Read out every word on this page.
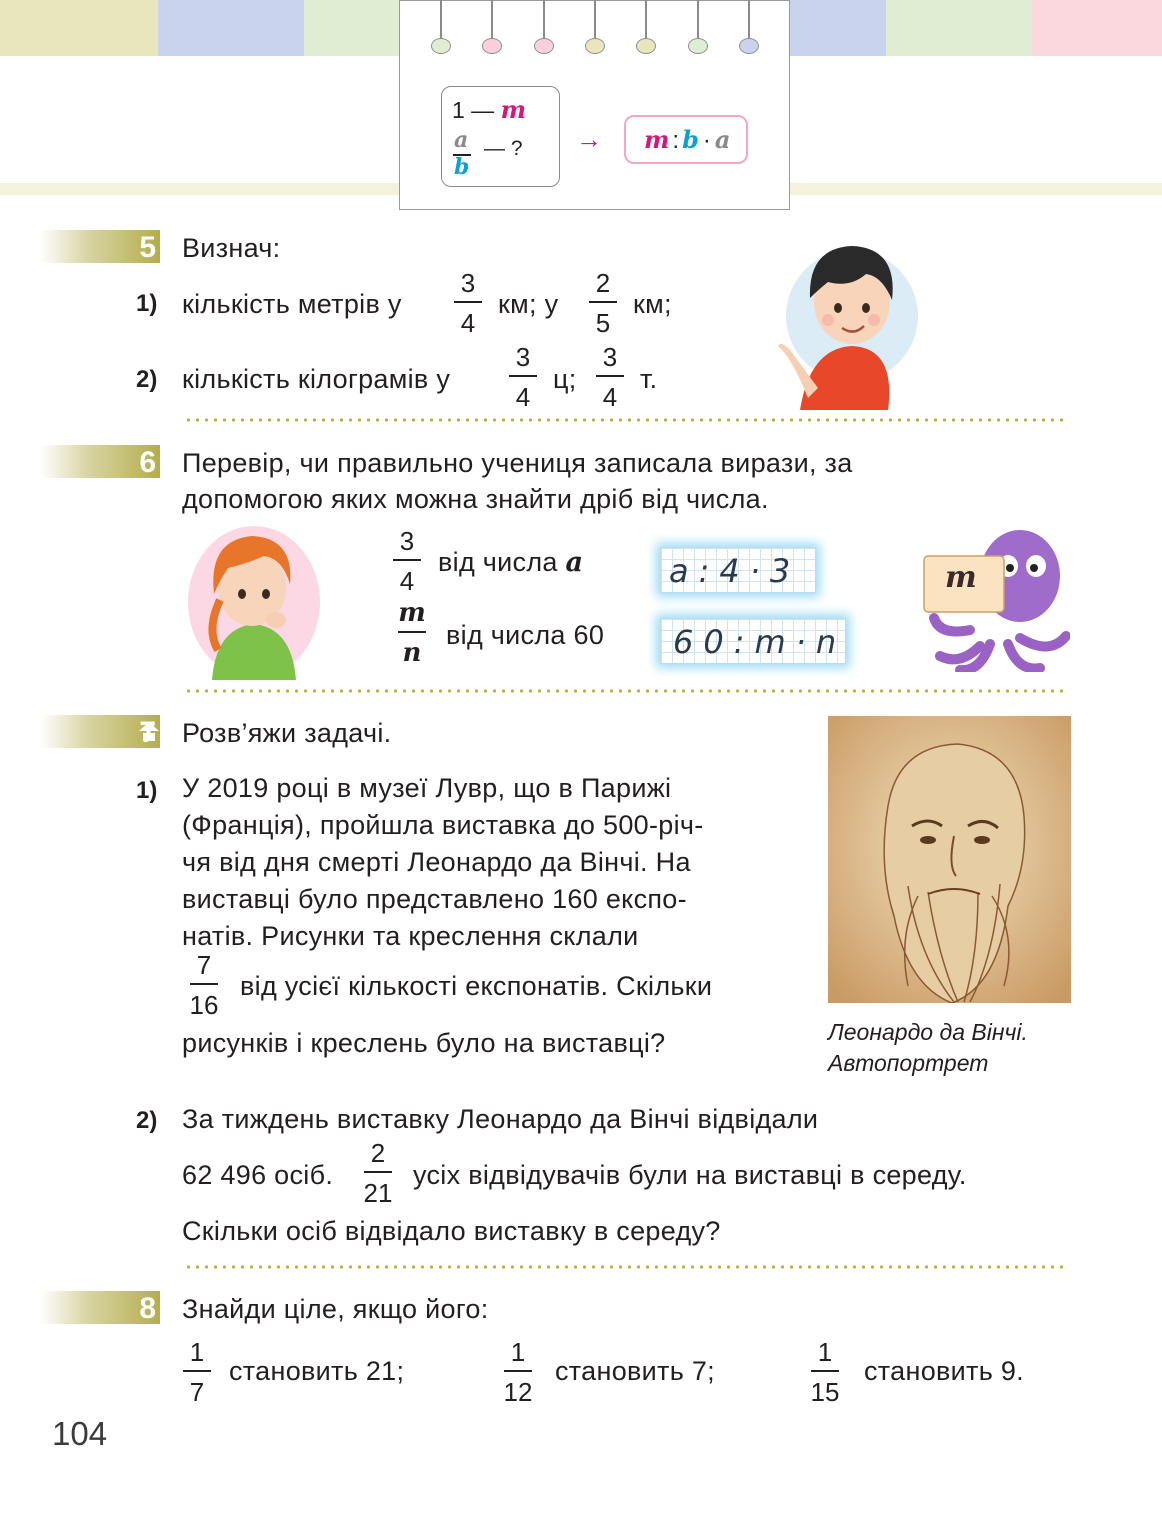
1 — m
a
b
— ? → m : b · a
5 Визнач:
1) кількість метрів у
3
4
км; у
2
5
км;
2) кількість кілограмів у
3
4
ц;
3
4
т.
6 Перевір, чи правильно учениця записала вирази, за
допомогою яких можна знайти дріб від числа.
3
4
від числа a	a:4·3
m
n
від числа 60 60:m·n
m
7 Розв’яжи задачі.
1) У 2019 році в музеї Лувр, що в Парижі
(Франція), пройшла виставка до 500-річ-
чя від дня смерті Леонардо да Вінчі. На
виставці було представлено 160 експо-
натів. Рисунки та креслення склали
7
16
від усієї кількості експонатів. Скільки
рисунків і креслень було на виставці?	Леонардо да Вінчі.
Автопортрет
2) За тиждень виставку Леонардо да Вінчі відвідали
62 496 осіб.
2
21
усіх відвідувачів були на виставці в середу.
Скільки осіб відвідало виставку в середу?
8 Знайди ціле, якщо його:
1
7
становить 21;
1
12
становить 7;
1
15
становить 9.
104
